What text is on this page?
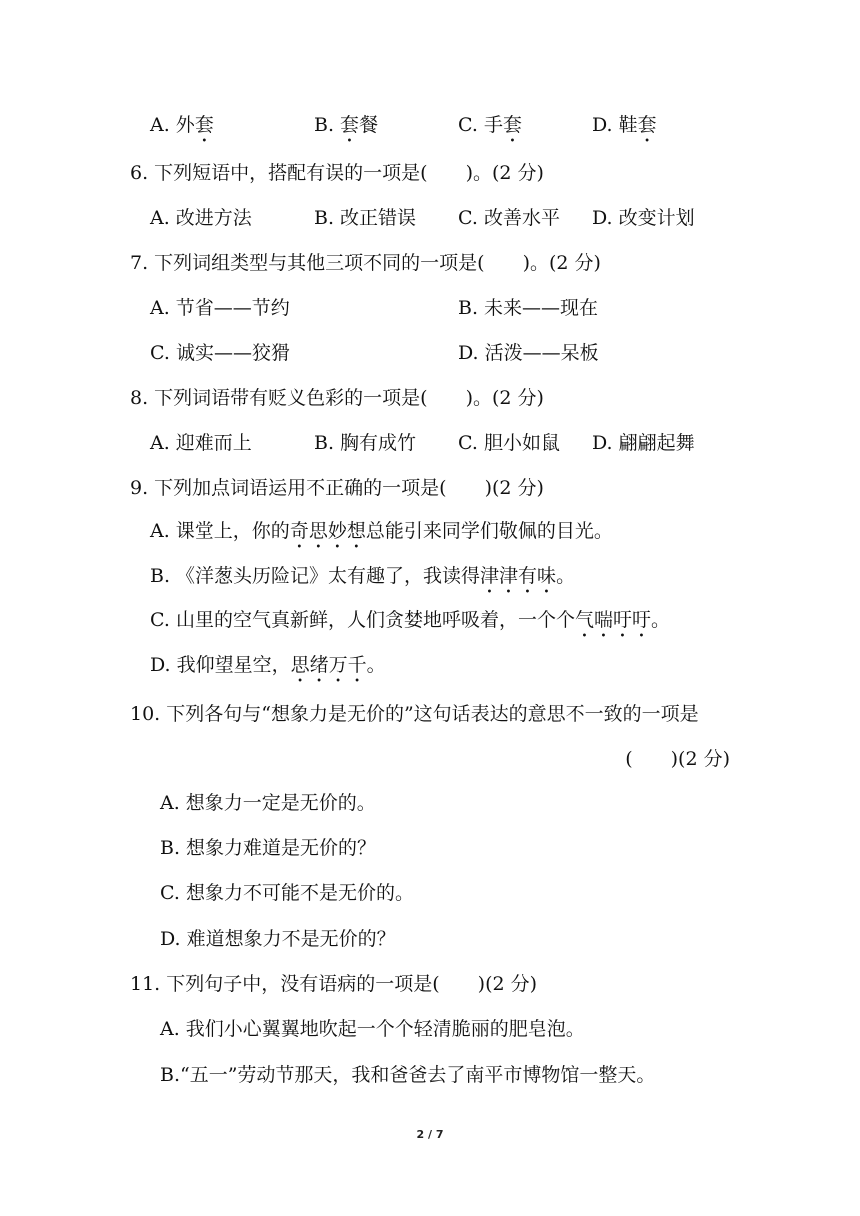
A. 外套	B. 套餐	C. 手套	D. 鞋套
6. 下列短语中，搭配有误的一项是(　　)。(2 分)
A. 改进方法	B. 改正错误 C. 改善水平 D. 改变计划
7. 下列词组类型与其他三项不同的一项是(　　)。(2 分)
A. 节省——节约	B. 未来——现在
C. 诚实——狡猾	D. 活泼——呆板
8. 下列词语带有贬义色彩的一项是(　　)。(2 分)
A. 迎难而上	B. 胸有成竹 C. 胆小如鼠 D. 翩翩起舞
9. 下列加点词语运用不正确的一项是(　　)(2 分)
A. 课堂上，你的奇思妙想总能引来同学们敬佩的目光。
B. 《洋葱头历险记》太有趣了，我读得津津有味。
C. 山里的空气真新鲜，人们贪婪地呼吸着，一个个气喘吁吁。
D. 我仰望星空，思绪万千。
10. 下列各句与“想象力是无价的”这句话表达的意思不一致的一项是
(　　)(2 分)
A. 想象力一定是无价的。
B. 想象力难道是无价的？
C. 想象力不可能不是无价的。
D. 难道想象力不是无价的？
11. 下列句子中，没有语病的一项是(　　)(2 分)
A. 我们小心翼翼地吹起一个个轻清脆丽的肥皂泡。
B.“五一”劳动节那天，我和爸爸去了南平市博物馆一整天。
2 / 7
